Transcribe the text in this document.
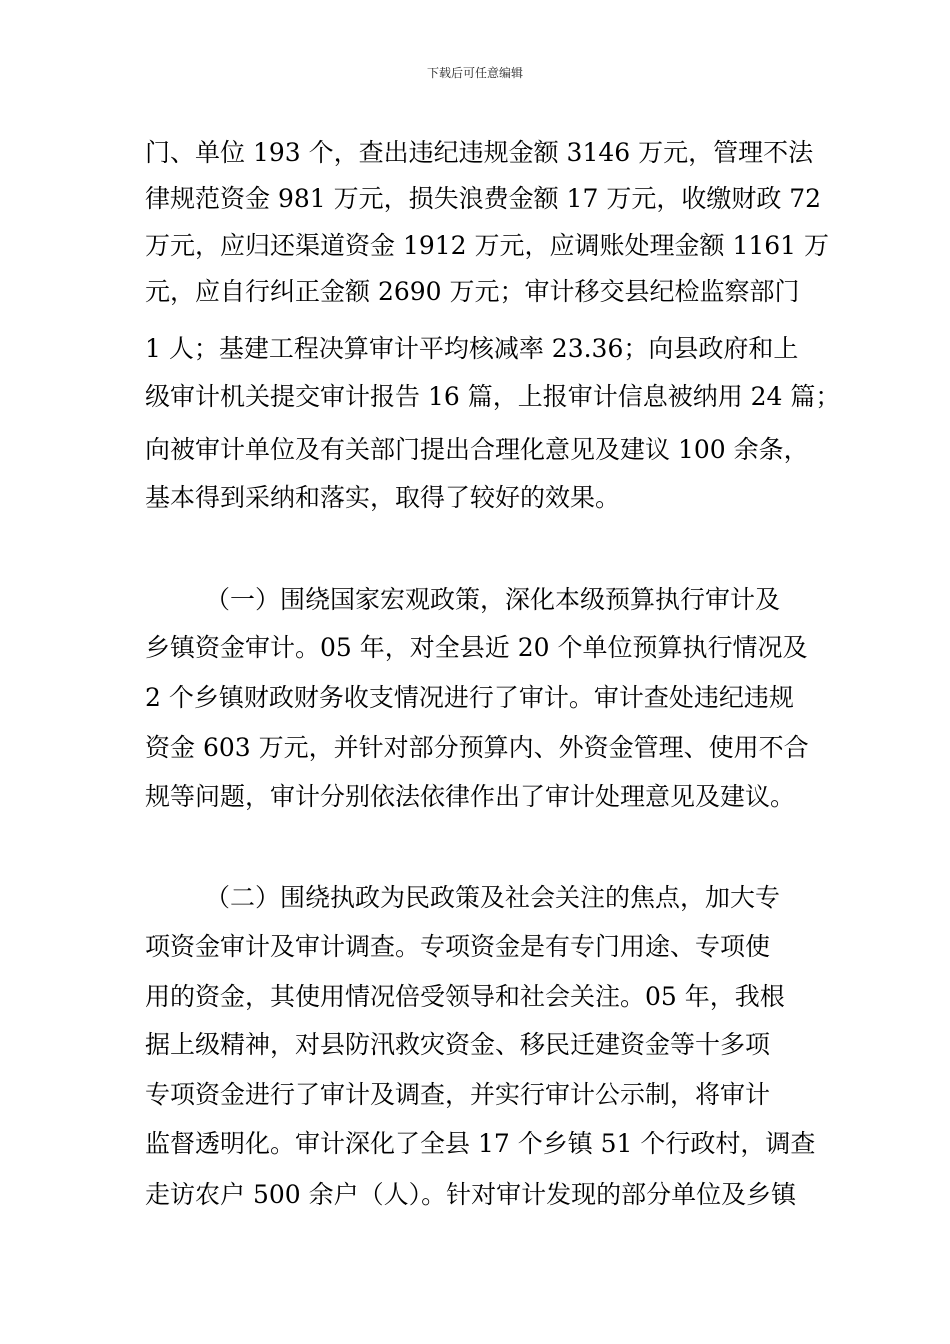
下载后可任意编辑
门、单位 193 个，查出违纪违规金额 3146 万元，管理不法
律规范资金 981 万元，损失浪费金额 17 万元，收缴财政 72
万元，应归还渠道资金 1912 万元，应调账处理金额 1161 万
元，应自行纠正金额 2690 万元；审计移交县纪检监察部门
1 人；基建工程决算审计平均核减率 23.36；向县政府和上
级审计机关提交审计报告 16 篇，上报审计信息被纳用 24 篇；
向被审计单位及有关部门提出合理化意见及建议 100 余条，
基本得到采纳和落实，取得了较好的效果。
（一）围绕国家宏观政策，深化本级预算执行审计及
乡镇资金审计。05 年，对全县近 20 个单位预算执行情况及
2 个乡镇财政财务收支情况进行了审计。审计查处违纪违规
资金 603 万元，并针对部分预算内、外资金管理、使用不合
规等问题，审计分别依法依律作出了审计处理意见及建议。
（二）围绕执政为民政策及社会关注的焦点，加大专
项资金审计及审计调查。专项资金是有专门用途、专项使
用的资金，其使用情况倍受领导和社会关注。05 年，我根
据上级精神，对县防汛救灾资金、移民迁建资金等十多项
专项资金进行了审计及调查，并实行审计公示制，将审计
监督透明化。审计深化了全县 17 个乡镇 51 个行政村，调查
走访农户 500 余户（人）。针对审计发现的部分单位及乡镇
